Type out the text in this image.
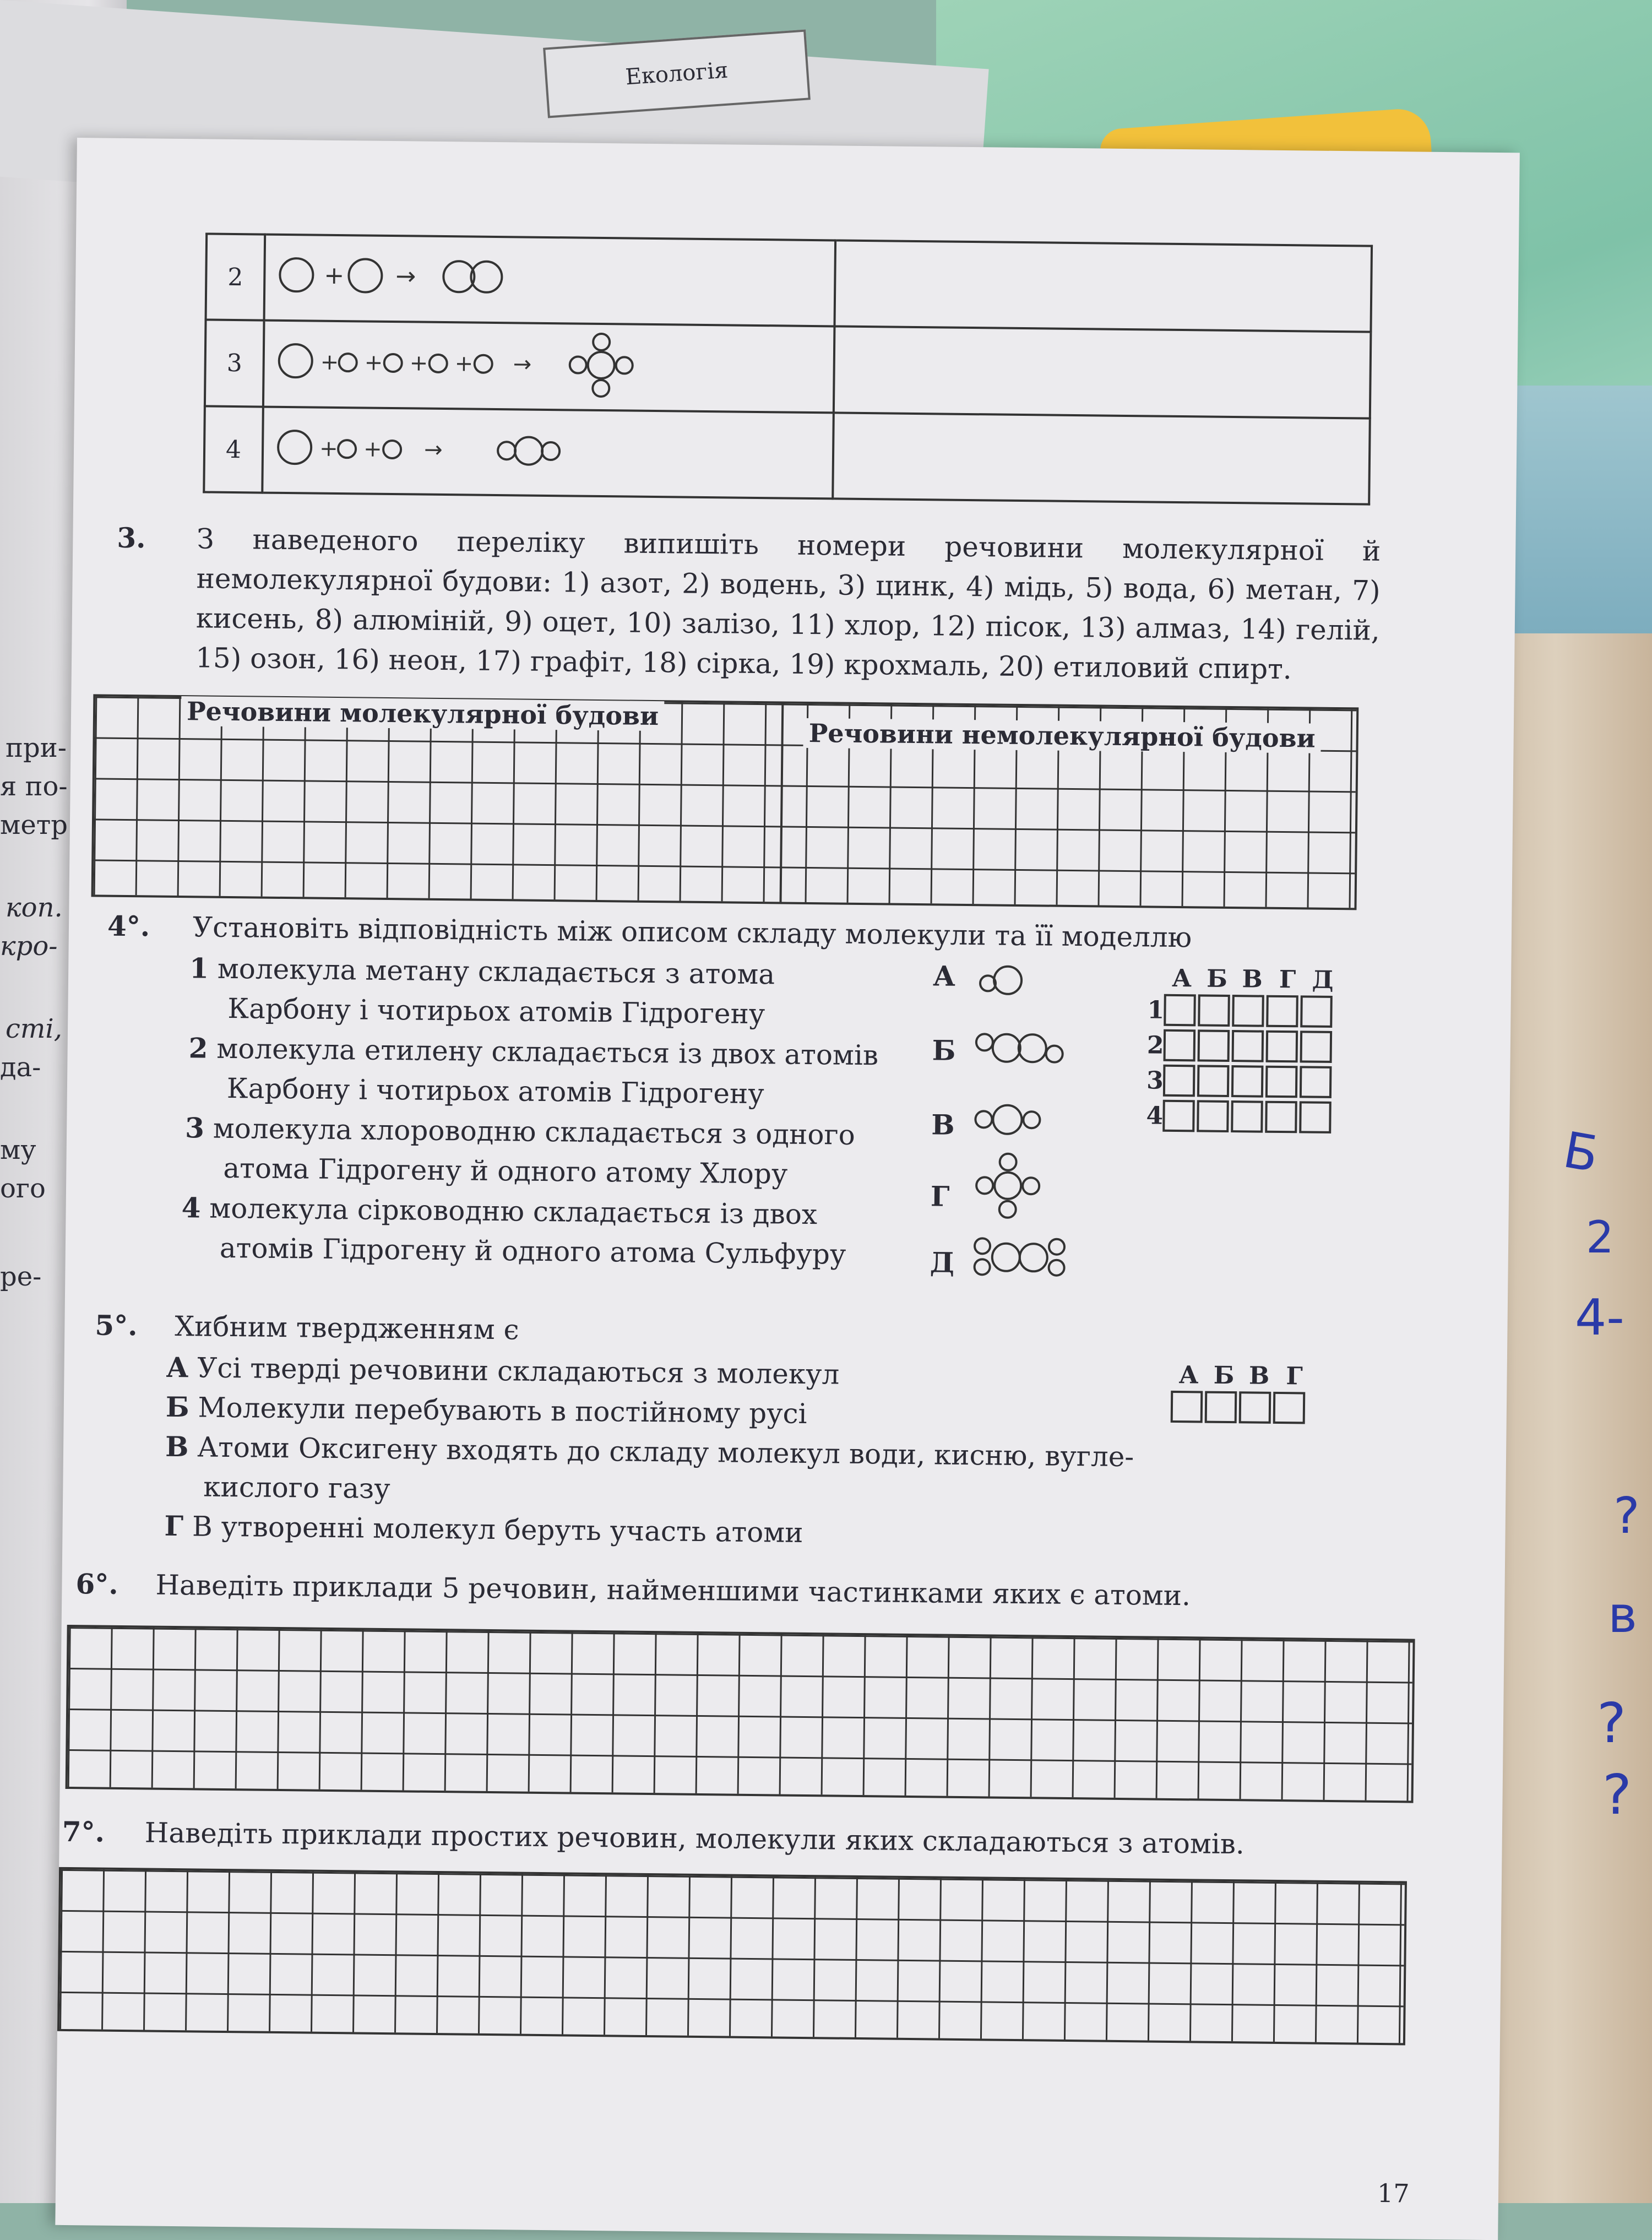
при-
я по-
метр
коп.
кро-
сті,
да-
му
ого
ре-
Екологія
2	+ →	

3	+ + + + →	

4	+ + →	

3. З наведеного переліку випишіть номери речовини молекулярної й немолекулярної будови: 1) азот, 2) водень, 3) цинк, 4) мідь, 5) вода, 6) метан, 7) кисень, 8) алюміній, 9) оцет, 10) залізо, 11) хлор, 12) пісок, 13) алмаз, 14) гелій, 15) озон, 16) неон, 17) графіт, 18) сірка, 19) крохмаль, 20) етиловий спирт.
Речовини молекулярної будови
Речовини немолекулярної будови
4°. Установіть відповідність між описом складу молекули та її моделлю
1 молекула метану складається з атома
Карбону і чотирьох атомів Гідрогену
2 молекула етилену складається із двох атомів
Карбону і чотирьох атомів Гідрогену
3 молекула хлороводню складається з одного
атома Гідрогену й одного атому Хлору
4 молекула сірководню складається із двох
атомів Гідрогену й одного атома Сульфуру
А
Б
В
Г
Д
А Б В Г Д
1
2
3
4
5°. Хибним твердженням є
А Усі тверді речовини складаються з молекул
Б Молекули перебувають в постійному русі
В Атоми Оксигену входять до складу молекул води, кисню, вугле-
кислого газу
Г В утворенні молекул беруть участь атоми
А Б В Г
6°. Наведіть приклади 5 речовин, найменшими частинками яких є атоми.
7°. Наведіть приклади простих речовин, молекули яких складаються з атомів.
17
Б
2
4-
?
в
?
?
